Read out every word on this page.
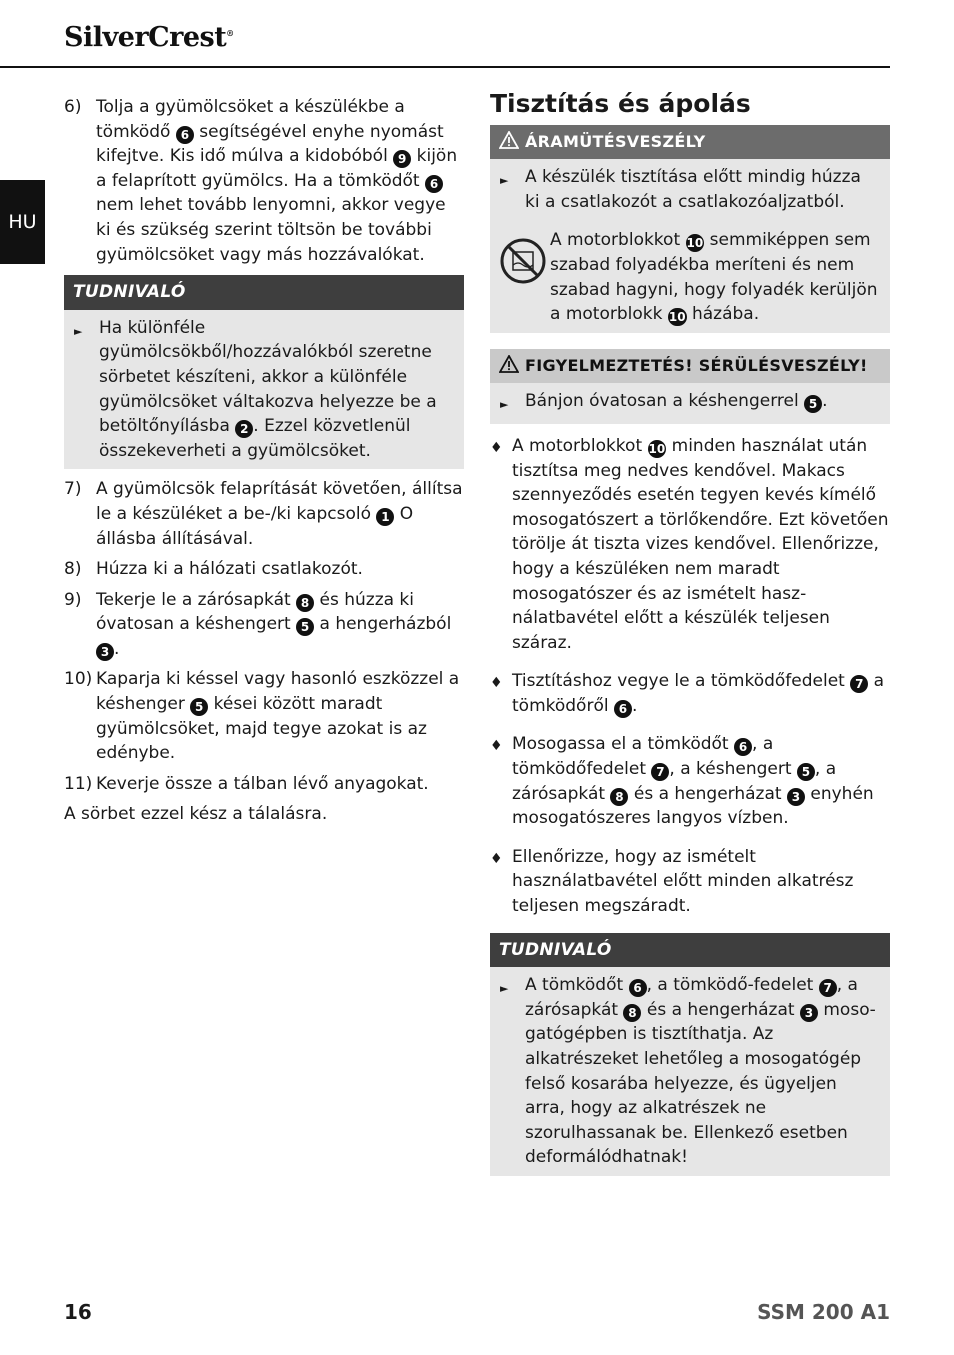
SilverCrest®
HU
6) Tolja a gyümölcsöket a készülékbe a tömködő 6 segítségével enyhe nyomást kifejtve. Kis idő múlva a kidobóból 9 kijön a felaprított gyümölcs. Ha a tömködőt 6 nem lehet tovább lenyomni, akkor vegye ki és szükség szerint töltsön be további gyümölcsöket vagy más hozzávalókat.
TUDNIVALÓ
► Ha különféle gyümölcsökből/hozzávalókból szeretne sörbetet készíteni, akkor a különféle gyümölcsöket váltakozva helyezze be a betöltőnyílásba 2 . Ezzel közvetlenül összekeverheti a gyümölcsöket.
7) A gyümölcsök felaprítását követően, állítsa le a készüléket a be-/ki kapcsoló 1 O állásba állításával.
8) Húzza ki a hálózati csatlakozót.
9) Tekerje le a zárósapkát 8 és húzza ki óvatosan a késhengert 5 a hengerházból 3 .
10) Kaparja ki késsel vagy hasonló eszközzel a késhenger 5 kései között maradt gyümölcsöket, majd tegye azokat is az edénybe.
11) Keverje össze a tálban lévő anyagokat.
A sörbet ezzel kész a tálalásra.
Tisztítás és ápolás
ÁRAMÜTÉSVESZÉLY
► A készülék tisztítása előtt mindig húzza ki a csatlakozót a csatlakozóaljzatból.
A motorblokkot 10 semmiképpen sem szabad folyadékba meríteni és nem szabad hagyni, hogy folyadék kerüljön a motorblokk 10 házába.
FIGYELMEZTETÉS! SÉRÜLÉSVESZÉLY!
► Bánjon óvatosan a késhengerrel 5 .
♦ A motorblokkot 10 minden használat után tisztítsa meg nedves kendővel. Makacs szennyeződés esetén tegyen kevés kímélő mosogatószert a törlőkendőre. Ezt követően törölje át tiszta vizes kendővel. Ellenőrizze, hogy a készüléken nem maradt mosogatószer és az ismételt használatbavétel előtt a készülék teljesen száraz.
♦ Tisztításhoz vegye le a tömködőfedelet 7 a tömködőről 6 .
♦ Mosogassa el a tömködőt 6 , a tömködőfedelet 7 , a késhengert 5 , a zárósapkát 8 és a hengerházat 3 enyhén mosogatószeres langyos vízben.
♦ Ellenőrizze, hogy az ismételt használatbavétel előtt minden alkatrész teljesen megszáradt.
TUDNIVALÓ
► A tömködőt 6 , a tömködő-fedelet 7 , a zárósapkát 8 és a hengerházat 3 mosogatógépben is tisztíthatja. Az alkatrészeket lehetőleg a mosogatógép felső kosarába helyezze, és ügyeljen arra, hogy az alkatrészek ne szorulhassanak be. Ellenkező esetben deformálódhatnak!
16	SSM 200 A1
